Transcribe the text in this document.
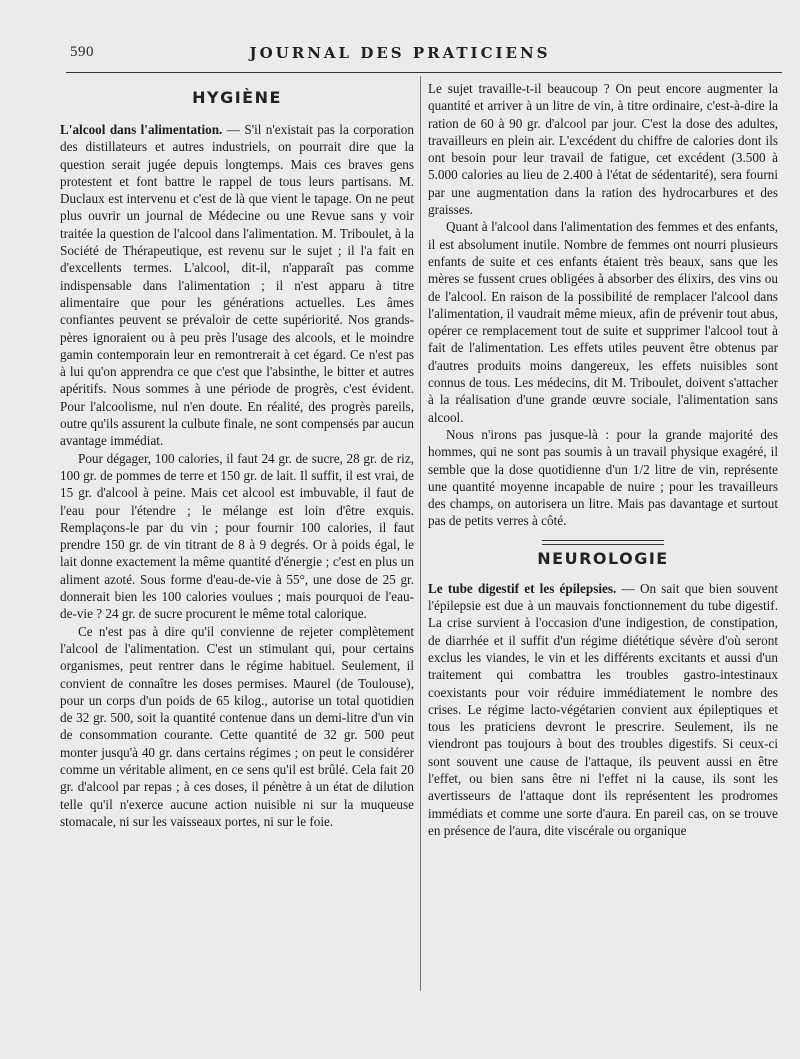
590	JOURNAL DES PRATICIENS
HYGIÈNE

L'alcool dans l'alimentation. — S'il n'existait pas la corporation des distillateurs et autres industriels, on pourrait dire que la question serait jugée depuis longtemps. Mais ces braves gens protestent et font battre le rappel de tous leurs partisans. M. Duclaux est intervenu et c'est de là que vient le tapage. On ne peut plus ouvrir un journal de Médecine ou une Revue sans y voir traitée la question de l'alcool dans l'alimentation. M. Triboulet, à la Société de Thérapeutique, est revenu sur le sujet ; il l'a fait en d'excellents termes. L'alcool, dit-il, n'apparaît pas comme indispensable dans l'alimentation ; il n'est apparu à titre alimentaire que pour les générations actuelles. Les âmes confiantes peuvent se prévaloir de cette supériorité. Nos grands-pères ignoraient ou à peu près l'usage des alcools, et le moindre gamin contemporain leur en remontrerait à cet égard. Ce n'est pas à lui qu'on apprendra ce que c'est que l'absinthe, le bitter et autres apéritifs. Nous sommes à une période de progrès, c'est évident. Pour l'alcoolisme, nul n'en doute. En réalité, des progrès pareils, outre qu'ils assurent la culbute finale, ne sont compensés par aucun avantage immédiat.

Pour dégager, 100 calories, il faut 24 gr. de sucre, 28 gr. de riz, 100 gr. de pommes de terre et 150 gr. de lait. Il suffit, il est vrai, de 15 gr. d'alcool à peine. Mais cet alcool est imbuvable, il faut de l'eau pour l'étendre ; le mélange est loin d'être exquis. Remplaçons-le par du vin ; pour fournir 100 calories, il faut prendre 150 gr. de vin titrant de 8 à 9 degrés. Or à poids égal, le lait donne exactement la même quantité d'énergie ; c'est en plus un aliment azoté. Sous forme d'eau-de-vie à 55°, une dose de 25 gr. donnerait bien les 100 calories voulues ; mais pourquoi de l'eau-de-vie ? 24 gr. de sucre procurent le même total calorique.

Ce n'est pas à dire qu'il convienne de rejeter complètement l'alcool de l'alimentation. C'est un stimulant qui, pour certains organismes, peut rentrer dans le régime habituel. Seulement, il convient de connaître les doses permises. Maurel (de Toulouse), pour un corps d'un poids de 65 kilog., autorise un total quotidien de 32 gr. 500, soit la quantité contenue dans un demi-litre d'un vin de consommation courante. Cette quantité de 32 gr. 500 peut monter jusqu'à 40 gr. dans certains régimes ; on peut le considérer comme un véritable aliment, en ce sens qu'il est brûlé. Cela fait 20 gr. d'alcool par repas ; à ces doses, il pénètre à un état de dilution telle qu'il n'exerce aucune action nuisible ni sur la muqueuse stomacale, ni sur les vaisseaux portes, ni sur le foie.

Le sujet travaille-t-il beaucoup ? On peut encore augmenter la quantité et arriver à un litre de vin, à titre ordinaire, c'est-à-dire la ration de 60 à 90 gr. d'alcool par jour. C'est la dose des adultes, travailleurs en plein air. L'excédent du chiffre de calories dont ils ont besoin pour leur travail de fatigue, cet excédent (3.500 à 5.000 calories au lieu de 2.400 à l'état de sédentarité), sera fourni par une augmentation dans la ration des hydrocarbures et des graisses.

Quant à l'alcool dans l'alimentation des femmes et des enfants, il est absolument inutile. Nombre de femmes ont nourri plusieurs enfants de suite et ces enfants étaient très beaux, sans que les mères se fussent crues obligées à absorber des élixirs, des vins ou de l'alcool. En raison de la possibilité de remplacer l'alcool dans l'alimentation, il vaudrait même mieux, afin de prévenir tout abus, opérer ce remplacement tout de suite et supprimer l'alcool tout à fait de l'alimentation. Les effets utiles peuvent être obtenus par d'autres produits moins dangereux, les effets nuisibles sont connus de tous. Les médecins, dit M. Triboulet, doivent s'attacher à la réalisation d'une grande œuvre sociale, l'alimentation sans alcool.

Nous n'irons pas jusque-là : pour la grande majorité des hommes, qui ne sont pas soumis à un travail physique exagéré, il semble que la dose quotidienne d'un 1/2 litre de vin, représente une quantité moyenne incapable de nuire ; pour les travailleurs des champs, on autorisera un litre. Mais pas davantage et surtout pas de petits verres à côté.

NEUROLOGIE

Le tube digestif et les épilepsies. — On sait que bien souvent l'épilepsie est due à un mauvais fonctionnement du tube digestif. La crise survient à l'occasion d'une indigestion, de constipation, de diarrhée et il suffit d'un régime diététique sévère d'où seront exclus les viandes, le vin et les différents excitants et aussi d'un traitement qui combattra les troubles gastro-intestinaux coexistants pour voir réduire immédiatement le nombre des crises. Le régime lacto-végétarien convient aux épileptiques et tous les praticiens devront le prescrire. Seulement, ils ne viendront pas toujours à bout des troubles digestifs. Si ceux-ci sont souvent une cause de l'attaque, ils peuvent aussi en être l'effet, ou bien sans être ni l'effet ni la cause, ils sont les avertisseurs de l'attaque dont ils représentent les prodromes immédiats et comme une sorte d'aura. En pareil cas, on se trouve en présence de l'aura, dite viscérale ou organique
